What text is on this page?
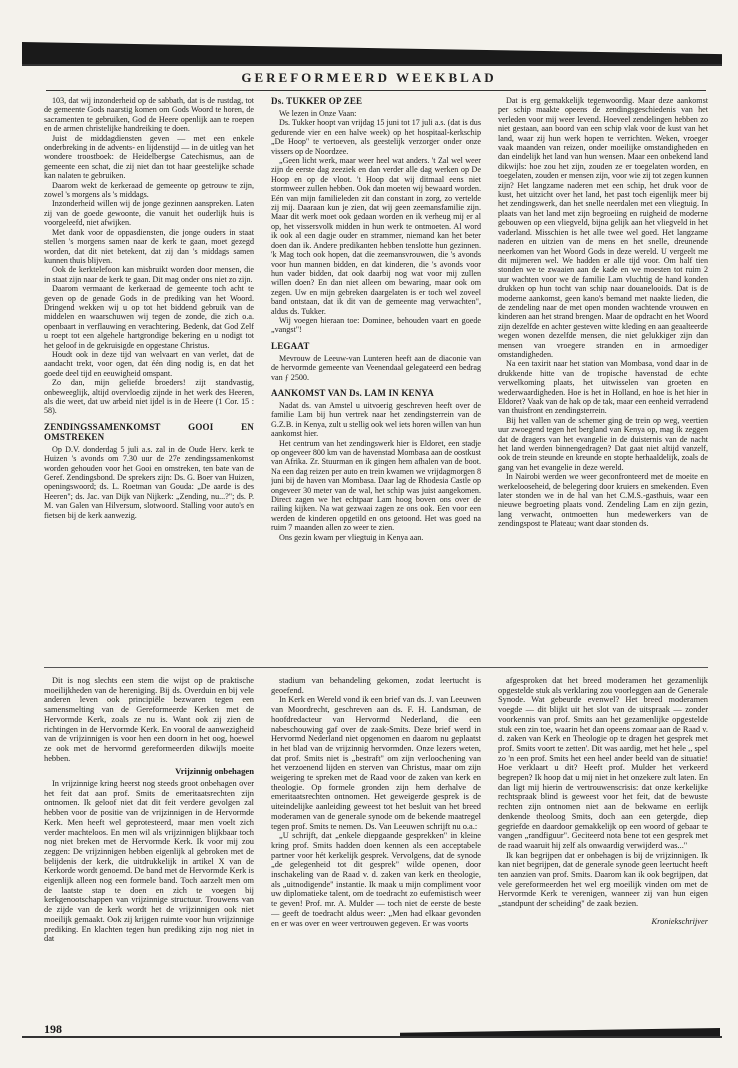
GEREFORMEERD WEEKBLAD

103, dat wij inzonderheid op de sabbath, dat is de rustdag, tot de gemeente Gods naarstig komen om Gods Woord te horen, de sacramenten te gebruiken, God de Heere openlijk aan te roepen en de armen christelijke handreiking te doen.

Juist de middagdiensten geven — met een enkele onderbreking in de advents- en lijdenstijd — in de uitleg van het wondere troostboek: de Heidelbergse Catechismus, aan de gemeente een schat, die zij niet dan tot haar geestelijke schade kan nalaten te gebruiken.

Daarom wekt de kerkeraad de gemeente op getrouw te zijn, zowel 's morgens als 's middags.

Inzonderheid willen wij de jonge gezinnen aanspreken. Laten zij van de goede gewoonte, die vanuit het ouderlijk huis is voorgeleefd, niet afwijken.

Met dank voor de oppasdiensten, die jonge ouders in staat stellen 's morgens samen naar de kerk te gaan, moet gezegd worden, dat dit niet betekent, dat zij dan 's middags samen kunnen thuis blijven.

Ook de kerktelefoon kan misbruikt worden door mensen, die in staat zijn naar de kerk te gaan. Dit mag onder ons niet zo zijn.

Daarom vermaant de kerkeraad de gemeente toch acht te geven op de genade Gods in de prediking van het Woord. Dringend wekken wij u op tot het biddend gebruik van de middelen en waarschuwen wij tegen de zonde, die zich o.a. openbaart in verflauwing en verachtering. Bedenk, dat God Zelf u roept tot een algehele hartgrondige bekering en u nodigt tot het geloof in de gekruisigde en opgestane Christus.

Houdt ook in deze tijd van welvaart en van verlet, dat de aandacht trekt, voor ogen, dat één ding nodig is, en dat het goede deel tijd en eeuwigheid omspant.

Zo dan, mijn geliefde broeders! zijt standvastig, onbeweeglijk, altijd overvloedig zijnde in het werk des Heeren, als die weet, dat uw arbeid niet ijdel is in de Heere (1 Cor. 15 : 58).

ZENDINGSSAMENKOMST GOOI EN OMSTREKEN

Op D.V. donderdag 5 juli a.s. zal in de Oude Herv. kerk te Huizen 's avonds om 7.30 uur de 27e zendingssamenkomst worden gehouden voor het Gooi en omstreken, ten bate van de Geref. Zendingsbond. De sprekers zijn: Ds. G. Boer van Huizen, openingswoord; ds. L. Roetman van Gouda: „De aarde is des Heeren"; ds. Jac. van Dijk van Nijkerk: „Zending, nu...?"; ds. P. M. van Galen van Hilversum, slotwoord. Stalling voor auto's en fietsen bij de kerk aanwezig.

Ds. TUKKER OP ZEE

We lezen in Onze Vaan:

Ds. Tukker hoopt van vrijdag 15 juni tot 17 juli a.s. (dat is dus gedurende vier en een halve week) op het hospitaal-kerkschip „De Hoop" te vertoeven, als geestelijk verzorger onder onze vissers op de Noordzee.

„Geen licht werk, maar weer heel wat anders. 't Zal wel weer zijn de eerste dag zeeziek en dan verder alle dag werken op De Hoop en op de vloot. 't Hoop dat wij ditmaal eens niet stormweer zullen hebben. Ook dan moeten wij bewaard worden. Eén van mijn familieleden zit dan constant in zorg, zo vertelde zij mij. Daaraan kun je zien, dat wij geen zeemansfamilie zijn. Maar dit werk moet ook gedaan worden en ik verheug mij er al op, het vissersvolk midden in hun werk te ontmoeten. Al word ik ook al een dagje ouder en strammer, niemand kan het beter doen dan ik. Andere predikanten hebben tenslotte hun gezinnen. 'k Mag toch ook hopen, dat die zeemansvrouwen, die 's avonds voor hun mannen bidden, en dat kinderen, die 's avonds voor hun vader bidden, dat ook daarbij nog wat voor mij zullen willen doen? En dan niet alleen om bewaring, maar ook om zegen. Uw en mijn gebreken daargelaten is er toch wel zoveel band ontstaan, dat ik dit van de gemeente mag verwachten", aldus ds. Tukker.

Wij voegen hieraan toe: Dominee, behouden vaart en goede „vangst"!

LEGAAT

Mevrouw de Leeuw-van Lunteren heeft aan de diaconie van de hervormde gemeente van Veenendaal gelegateerd een bedrag van ƒ 2500.

AANKOMST VAN Ds. LAM IN KENYA

Nadat ds. van Amstel u uitvoerig geschreven heeft over de familie Lam bij hun vertrek naar het zendingsterrein van de G.Z.B. in Kenya, zult u stellig ook wel iets horen willen van hun aankomst hier.

Het centrum van het zendingswerk hier is Eldoret, een stadje op ongeveer 800 km van de havenstad Mombasa aan de oostkust van Afrika. Zr. Stuurman en ik gingen hem afhalen van de boot. Na een dag reizen per auto en trein kwamen we vrijdagmorgen 8 juni bij de haven van Mombasa. Daar lag de Rhodesia Castle op ongeveer 30 meter van de wal, het schip was juist aangekomen. Direct zagen we het echtpaar Lam hoog boven ons over de railing kijken. Na wat gezwaai zagen ze ons ook. Een voor een werden de kinderen opgetild en ons getoond. Het was goed na ruim 7 maanden allen zo weer te zien.

Ons gezin kwam per vliegtuig in Kenya aan.

Dat is erg gemakkelijk tegenwoordig. Maar deze aankomst per schip maakte opeens de zendingsgeschiedenis van het verleden voor mij weer levend. Hoeveel zendelingen hebben zo niet gestaan, aan boord van een schip vlak voor de kust van het land, waar zij hun werk hopen te verrichten. Weken, vroeger vaak maanden van reizen, onder moeilijke omstandigheden en dan eindelijk het land van hun wensen. Maar een onbekend land dikwijls: hoe zou het zijn, zouden ze er toegelaten worden, en toegelaten, zouden er mensen zijn, voor wie zij tot zegen kunnen zijn? Het langzame naderen met een schip, het druk voor de kust, het uitzicht over het land, het past toch eigenlijk meer bij het zendingswerk, dan het snelle neerdalen met een vliegtuig. In plaats van het land met zijn begroeiing en ruigheid de moderne gebouwen op een vliegveld, bijna gelijk aan het vliegveld in het vaderland. Misschien is het alle twee wel goed. Het langzame naderen en uitzien van de mens en het snelle, dreunende neerkomen van het Woord Gods in deze wereld. U vergeelt me dit mijmeren wel. We hadden er alle tijd voor. Om half tien stonden we te zwaaien aan de kade en we moesten tot ruim 2 uur wachten voor we de familie Lam vluchtig de hand konden drukken op hun tocht van schip naar douanelooids. Dat is de moderne aankomst, geen kano's bemand met naakte lieden, die de zendeling naar de met open monden wachtende vrouwen en kinderen aan het strand brengen. Maar de opdracht en het Woord zijn dezelfde en achter gesteven witte kleding en aan geaalteerde wegen wonen dezelfde mensen, die niet gelukkiger zijn dan mensen van vroegere stranden en in armoediger omstandigheden.

Na een taxirit naar het station van Mombasa, vond daar in de drukkende hitte van de tropische havenstad de echte verwelkoming plaats, het uitwisselen van groeten en wederwaardigheden. Hoe is het in Holland, en hoe is het hier in Eldoret? Vaak van de hak op de tak, maar een eenheid verradend van thuisfront en zendingsterrein.

Bij het vallen van de schemer ging de trein op weg, veertien uur zwoegend tegen het bergland van Kenya op, mag ik zeggen dat de dragers van het evangelie in de duisternis van de nacht het land werden binnengedragen? Dat gaat niet altijd vanzelf, ook de trein steunde en kreunde en stopte herhaaldelijk, zoals de gang van het evangelie in deze wereld.

In Nairobi werden we weer geconfronteerd met de moeite en werkelooseheid, de belegering door kruiers en smekenden. Even later stonden we in de hal van het C.M.S.-gasthuis, waar een nieuwe begroeting plaats vond. Zendeling Lam en zijn gezin, lang verwacht, ontmoetten hun medewerkers van de zendingspost te Plateau; want daar stonden ds.

Dit is nog slechts een stem die wijst op de praktische moeilijkheden van de hereniging. Bij ds. Overduin en bij vele anderen leven ook principiële bezwaren tegen een samensmelting van de Gereformeerde Kerken met de Hervormde Kerk, zoals ze nu is. Want ook zij zien de richtingen in de Hervormde Kerk. En vooral de aanwezigheid van de vrijzinnigen is voor hen een doorn in het oog, hoewel ze ook met de hervormd gereformeerden dikwijls moeite hebben.

Vrijzinnig onbehagen

In vrijzinnige kring heerst nog steeds groot onbehagen over het feit dat aan prof. Smits de emeritaatsrechten zijn ontnomen. Ik geloof niet dat dit feit verdere gevolgen zal hebben voor de positie van de vrijzinnigen in de Hervormde Kerk. Men heeft wel geprotesteerd, maar men voelt zich verder machteloos. En men wil als vrijzinnigen blijkbaar toch nog niet breken met de Hervormde Kerk. Ik voor mij zou zeggen: De vrijzinnigen hebben eigenlijk al gebroken met de belijdenis der kerk, die uitdrukkelijk in artikel X van de Kerkorde wordt genoemd. De band met de Hervormde Kerk is eigenlijk alleen nog een formele band. Toch aarzelt men om de laatste stap te doen en zich te voegen bij kerkgenootschappen van vrijzinnige structuur. Trouwens van de zijde van de kerk wordt het de vrijzinnigen ook niet moeilijk gemaakt. Ook zij krijgen ruimte voor hun vrijzinnige prediking. En klachten tegen hun prediking zijn nog niet in dat

stadium van behandeling gekomen, zodat leertucht is geoefend.

In Kerk en Wereld vond ik een brief van ds. J. van Leeuwen van Moordrecht, geschreven aan ds. F. H. Landsman, de hoofdredacteur van Hervormd Nederland, die een nabeschouwing gaf over de zaak-Smits. Deze brief werd in Hervormd Nederland niet opgenomen en daarom nu geplaatst in het blad van de vrijzinnig hervormden. Onze lezers weten, dat prof. Smits niet is „bestraft" om zijn verloochening van het verzoenend lijden en sterven van Christus, maar om zijn weigering te spreken met de Raad voor de zaken van kerk en theologie. Op formele gronden zijn hem derhalve de emeritaatsrechten ontnomen. Het geweigerde gesprek is de uiteindelijke aanleiding geweest tot het besluit van het breed moderamen van de generale synode om de bekende maatregel tegen prof. Smits te nemen. Ds. Van Leeuwen schrijft nu o.a.:

„U schrijft, dat „enkele diepgaande gesprekken" in kleine kring prof. Smits hadden doen kennen als een acceptabele partner voor hét kerkelijk gesprek. Vervolgens, dat de synode „de gelegenheid tot dit gesprek" wilde openen, door inschakeling van de Raad v. d. zaken van kerk en theologie, als „uitnodigende" instantie. Ik maak u mijn compliment voor uw diplomatieke talent, om de toedracht zo eufemistisch weer te geven! Prof. mr. A. Mulder — toch niet de eerste de beste — geeft de toedracht aldus weer: „Men had elkaar gevonden en er was over en weer vertrouwen gegeven. Er was voorts

afgesproken dat het breed moderamen het gezamenlijk opgestelde stuk als verklaring zou voorleggen aan de Generale Synode. Wat gebeurde evenwel? Het breed moderamen voegde — dit blijkt uit het slot van de uitspraak — zonder voorkennis van prof. Smits aan het gezamenlijke opgestelde stuk een zin toe, waarin het dan opeens zomaar aan de Raad v. d. zaken van Kerk en Theologie op te dragen het gesprek met prof. Smits voort te zetten'. Dit was aardig, met het hele ,, spel zo 'n een prof. Smits het een heel ander beeld van de situatie! Hoe verklaart u dit? Heeft prof. Mulder het verkeerd begrepen? Ik hoop dat u mij niet in het onzekere zult laten. En dan ligt mij hierin de vertrouwenscrisis: dat onze kerkelijke rechtspraak blind is geweest voor het feit, dat de bewuste rechten zijn ontnomen niet aan de bekwame en eerlijk denkende theoloog Smits, doch aan een getergde, diep gegriefde en daardoor gemakkelijk op een woord of gebaar te vangen „randfiguur". Geciteerd nota bene tot een gesprek met de raad waaruit hij zelf als onwaardig verwijderd was..."

Ik kan begrijpen dat er onbehagen is bij de vrijzinnigen. Ik kan niet begrijpen, dat de generale synode geen leertucht heeft ten aanzien van prof. Smits. Daarom kan ik ook begrijpen, dat vele gereformeerden het wel erg moeilijk vinden om met de Hervormde Kerk te verenigen, wanneer zij van hun eigen „standpunt der scheiding" de zaak bezien.

Kroniekschrijver
198
